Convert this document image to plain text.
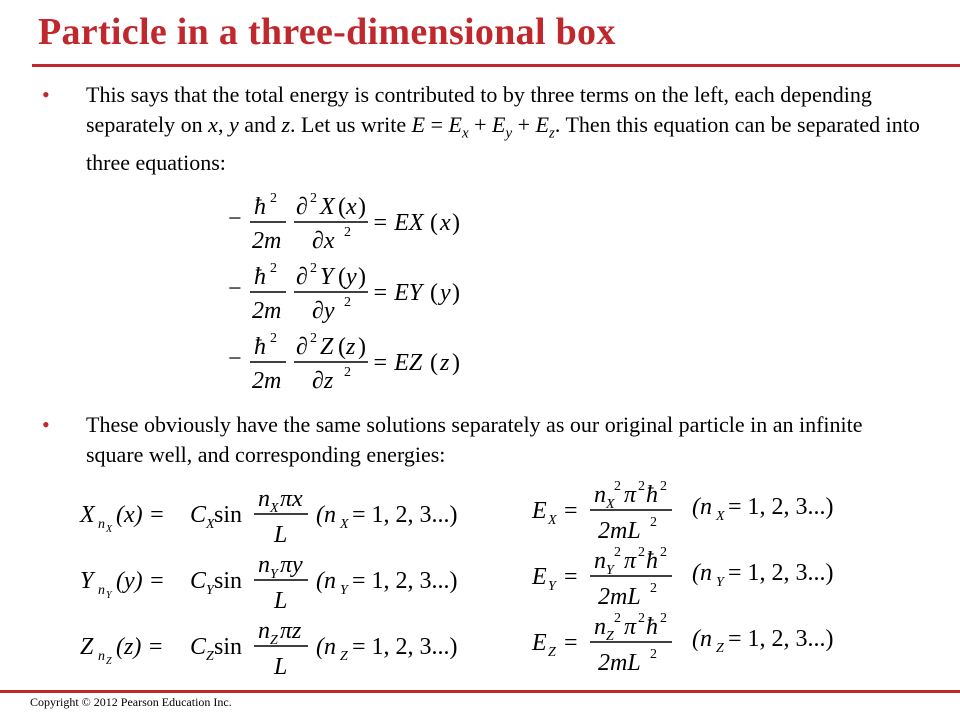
Particle in a three-dimensional box
• This says that the total energy is contributed to by three terms on the left, each depending separately on x, y and z. Let us write $E = E_x + E_y + E_z$. Then this equation can be separated into three equations:
− ħ 2
2m
∂ 2 X ( x )
∂x 2 = EX ( x )
− ħ 2
2m
∂ 2 Y ( y )
∂y 2 = EY ( y )
− ħ 2
2m
∂ 2 Z ( z )
∂z 2 = EZ ( z )
• These obviously have the same solutions separately as our original particle in an infinite square well, and corresponding energies:
X n X
(x) = C X sin
n X πx
L
(n X = 1, 2, 3...)
Y n Y
(y) = C Y sin
n Y πy
L
(n Y = 1, 2, 3...)
Z n Z
(z) = C Z sin
n Z πz
L
(n Z = 1, 2, 3...)
E X =
n X
2 π 2 ħ 2
2mL 2
(n X = 1, 2, 3...)
E Y =
n Y
2 π 2 ħ 2
2mL 2
(n Y = 1, 2, 3...)
E Z =
n Z
2 π 2 ħ 2
2mL 2
(n Z = 1, 2, 3...)
Copyright © 2012 Pearson Education Inc.
